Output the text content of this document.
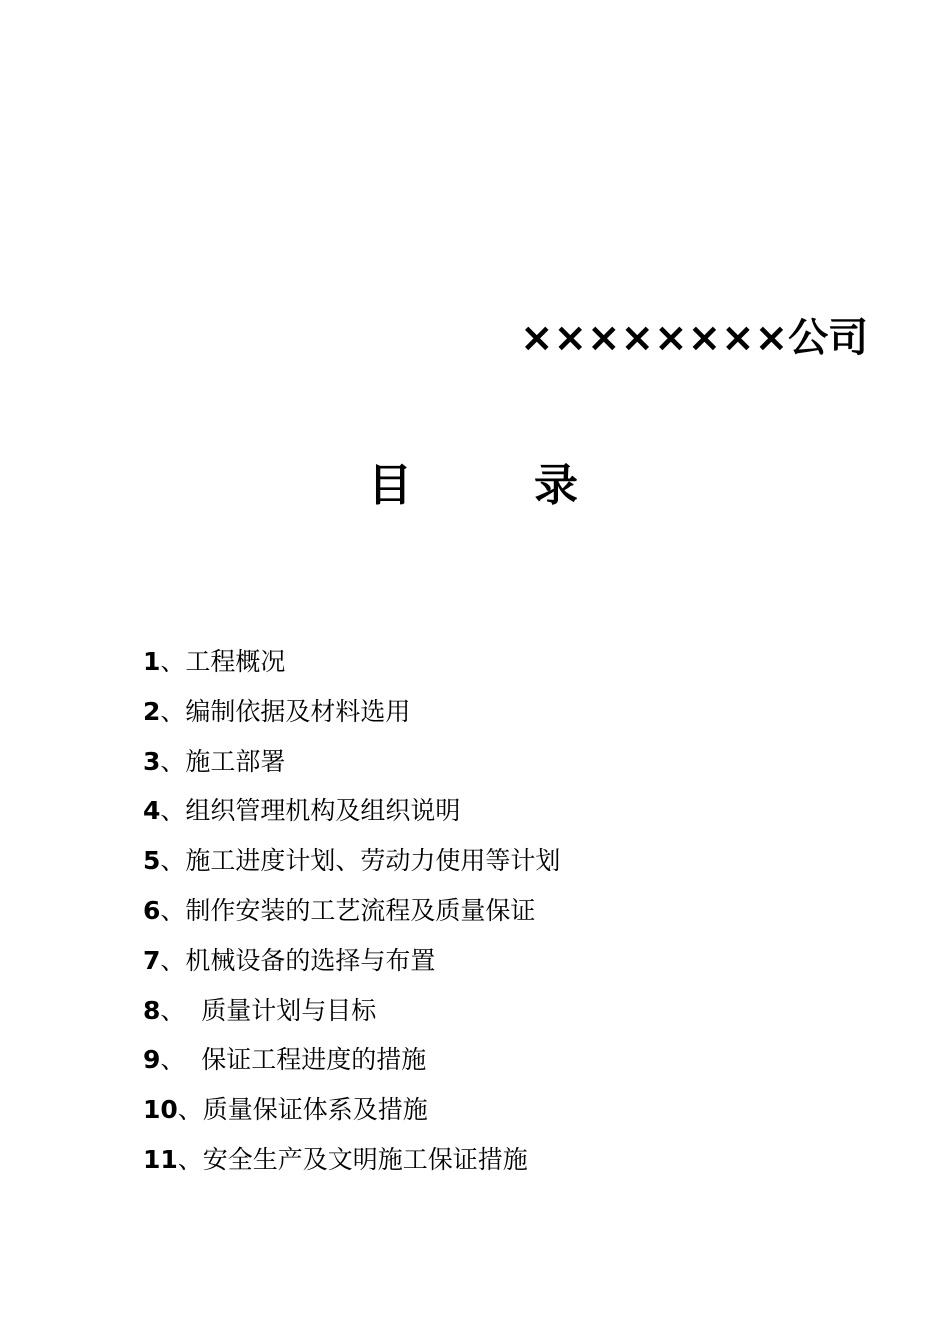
××××××××公司
目	录
1、工程概况
2、编制依据及材料选用
3、施工部署
4、组织管理机构及组织说明
5、施工进度计划、劳动力使用等计划
6、制作安装的工艺流程及质量保证
7、机械设备的选择与布置
8、  质量计划与目标
9、  保证工程进度的措施
10、质量保证体系及措施
11、安全生产及文明施工保证措施
